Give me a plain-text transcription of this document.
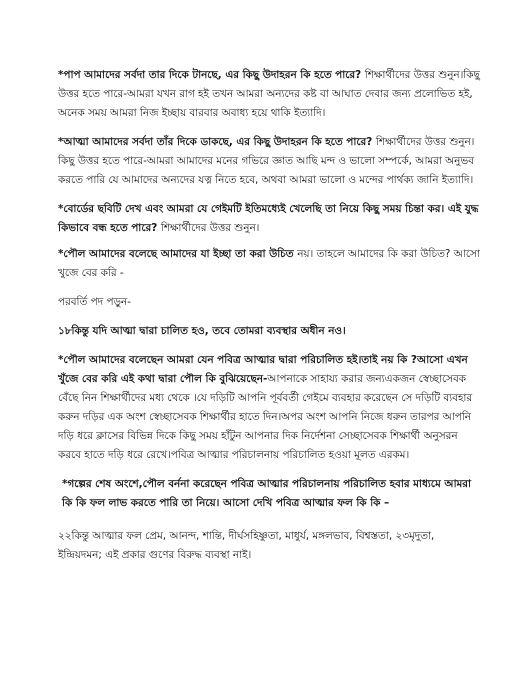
*পাপ আমাদের সর্বদা তার দিকে টানছে, এর কিছু উদাহরন কি হতে পারে? শিক্ষার্থীদের উত্তর শুনুন।কিছু উত্তর হতে পারে-আমরা যখন রাগ হই তখন আমরা অন্যদের কষ্ট বা আঘাত দেবার জন্য প্রলোভিত হই, অনেক সময় আমরা নিজ ইচ্ছায় বারবার অবাধ্য হয়ে থাকি ইত্যাদি।

*আত্মা আমাদের সর্বদা তাঁর দিকে ডাকছে, এর কিছু উদাহরন কি হতে পারে? শিক্ষার্থীদের উত্তর শুনুন।কিছু উত্তর হতে পারে-আমরা আমাদের মনের গভিরে জ্ঞাত আছি মন্দ ও ভালো সম্পর্কে, আমরা অনুভব করতে পারি যে আমাদের অন্যদের যত্ন নিতে হবে, অথবা আমরা ভালো ও মন্দের পার্থক্য জানি ইত্যাদি।

*বোর্ডের ছবিটি দেখ এবং আমরা যে গেইমটি ইতিমধ্যেই খেলেছি তা নিয়ে কিছু সময় চিন্তা কর। এই যুদ্ধ কিভাবে বন্ধ হতে পারে? শিক্ষার্থীদের উত্তর শুনুন।

*পৌল আমাদের বলেছে আমাদের যা ইচ্ছা তা করা উচিত নয়। তাহলে আমাদের কি করা উচিত? আসো খুজে বের করি -

পরবর্তি পদ পড়ুন-

১৮কিন্তু যদি আত্মা দ্বারা চালিত হও, তবে তোমরা ব্যবস্থার অধীন নও।

*পৌল আমাদের বলেছেন আমরা যেন পবিত্র আত্মার দ্বারা পরিচালিত হই।তাই নয় কি ?আসো এখন খুঁজে বের করি এই কথা দ্বারা পৌল কি বুঝিয়েছেন-আপনাকে সাহায্য করার জন্যএকজন স্বেচ্ছাসেবক বেঁছে নিন শিক্ষার্থীদের মধ্য থেকে ।যে দড়িটি আপনি পূর্ববর্তী গেইমে ব্যবহার করেছেন সে দড়িটি ব্যবহার করুন দড়ির এক অংশ স্বেচ্ছাসেবক শিক্ষার্থীর হাতে দিন।অপর অংশ আপনি নিজে ধরুন তারপর আপনি দড়ি ধরে ক্লাসের বিভিন্ন দিকে কিছু সময় হাঁটুন আপনার দিক নির্দেশনা সেচ্ছাসেবক শিক্ষার্থী অনুসরন করবে হাতে দড়ি ধরে রেখে।পবিত্র আত্মার পরিচালনায় পরিচালিত হওয়া মূলত এরকম।

*গল্পের শেষ অংশে,পৌল বর্ননা করেছেন পবিত্র আত্মার পরিচালনায় পরিচালিত হবার মাধ্যমে আমরা কি কি ফল লাভ করতে পারি তা নিয়ে। আসো দেখি পবিত্র আত্মার ফল কি কি –

২২কিন্তু আত্মার ফল প্রেম, আনন্দ, শান্তি, দীর্ঘসহিষ্ণুতা, মাধুর্য, মঙ্গলভাব, বিশ্বস্ততা, ২৩মৃদুতা, ইন্দ্রিয়দমন; এই প্রকার গুণের বিরুদ্ধ ব্যবস্থা নাই।
